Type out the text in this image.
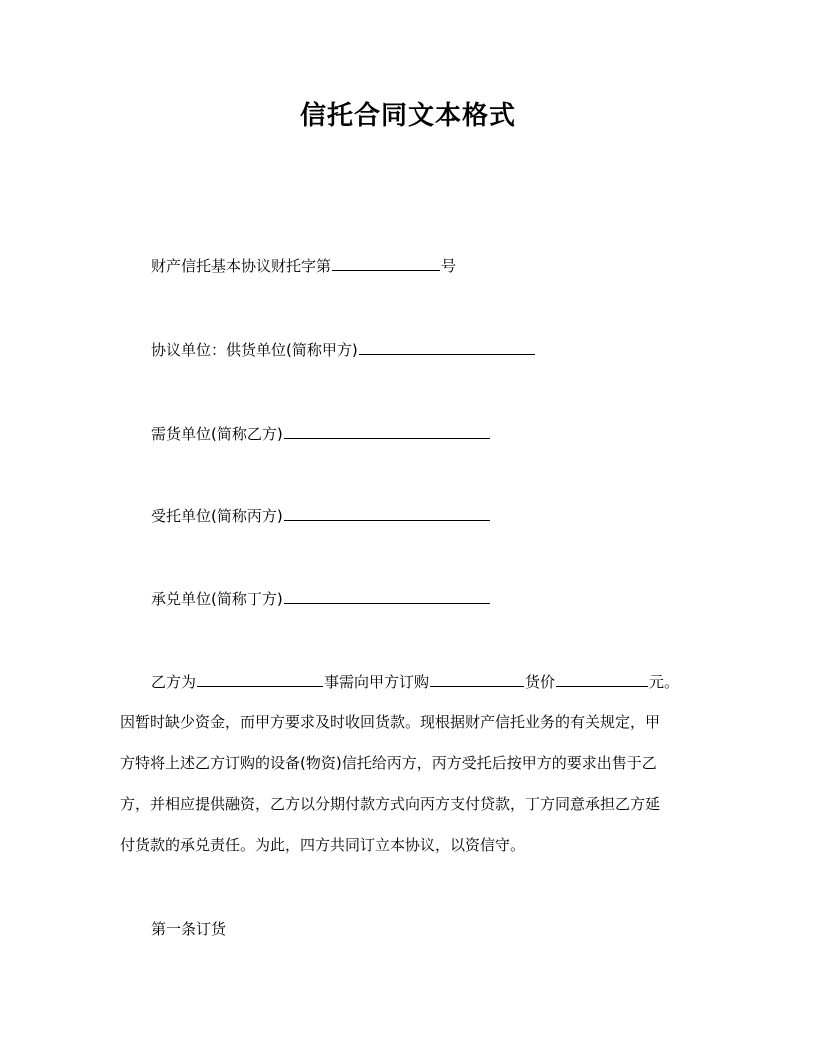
信托合同文本格式
财产信托基本协议财托字第	号
协议单位：供货单位(简称甲方)
需货单位(简称乙方)
受托单位(简称丙方)
承兑单位(简称丁方)
乙方为	事需向甲方订购	货价	元。
因暂时缺少资金，而甲方要求及时收回货款。现根据财产信托业务的有关规定，甲
方特将上述乙方订购的设备(物资)信托给丙方，丙方受托后按甲方的要求出售于乙
方，并相应提供融资，乙方以分期付款方式向丙方支付贷款，丁方同意承担乙方延
付货款的承兑责任。为此，四方共同订立本协议，以资信守。
第一条订货
